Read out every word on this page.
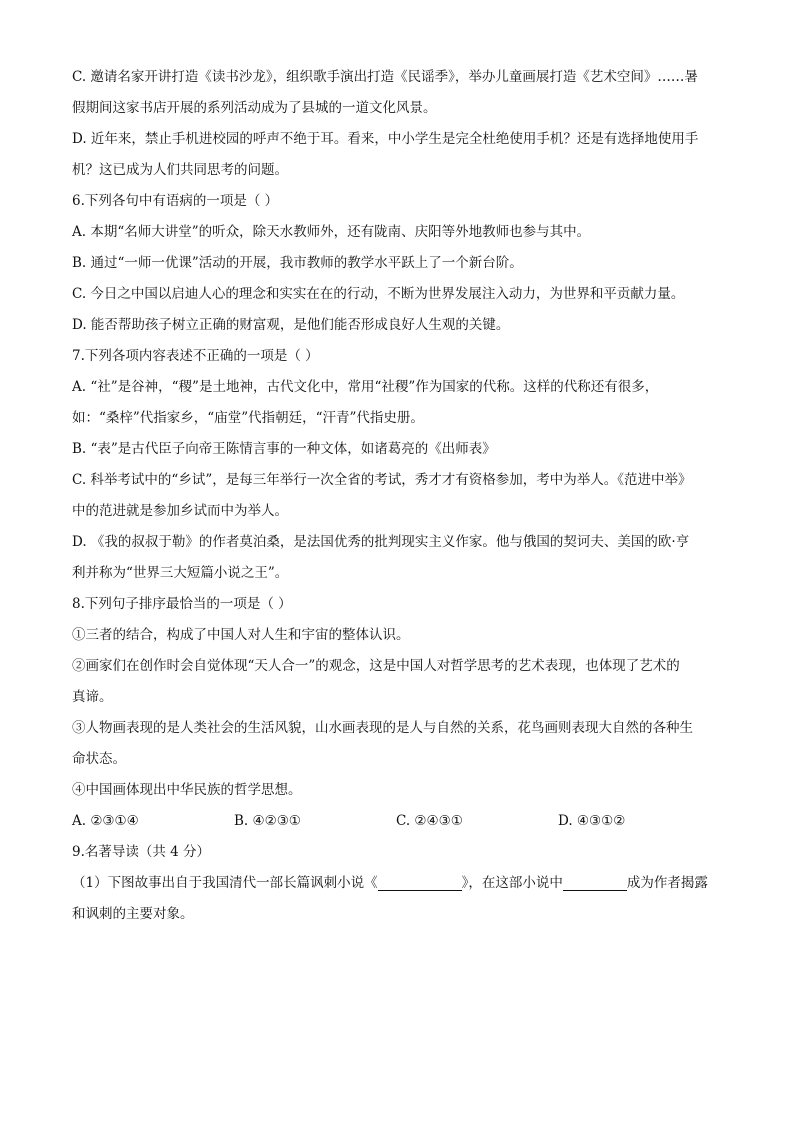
C. 邀请名家开讲打造《读书沙龙》，组织歌手演出打造《民谣季》，举办儿童画展打造《艺术空间》……暑
假期间这家书店开展的系列活动成为了县城的一道文化风景。
D. 近年来，禁止手机进校园的呼声不绝于耳。看来，中小学生是完全杜绝使用手机？还是有选择地使用手
机？这已成为人们共同思考的问题。
6.下列各句中有语病的一项是（ ）
A. 本期“名师大讲堂”的听众，除天水教师外，还有陇南、庆阳等外地教师也参与其中。
B. 通过“一师一优课”活动的开展，我市教师的教学水平跃上了一个新台阶。
C. 今日之中国以启迪人心的理念和实实在在的行动，不断为世界发展注入动力，为世界和平贡献力量。
D. 能否帮助孩子树立正确的财富观，是他们能否形成良好人生观的关键。
7.下列各项内容表述不正确的一项是（ ）
A. “社”是谷神，“稷”是土地神，古代文化中，常用“社稷”作为国家的代称。这样的代称还有很多，
如：“桑梓”代指家乡，“庙堂”代指朝廷，“汗青”代指史册。
B. “表”是古代臣子向帝王陈情言事的一种文体，如诸葛亮的《出师表》
C. 科举考试中的“乡试”，是每三年举行一次全省的考试，秀才才有资格参加，考中为举人。《范进中举》
中的范进就是参加乡试而中为举人。
D. 《我的叔叔于勒》的作者莫泊桑，是法国优秀的批判现实主义作家。他与俄国的契诃夫、美国的欧·亨
利并称为“世界三大短篇小说之王”。
8.下列句子排序最恰当的一项是（ ）
①三者的结合，构成了中国人对人生和宇宙的整体认识。
②画家们在创作时会自觉体现“天人合一”的观念，这是中国人对哲学思考的艺术表现，也体现了艺术的
真谛。
③人物画表现的是人类社会的生活风貌，山水画表现的是人与自然的关系，花鸟画则表现大自然的各种生
命状态。
④中国画体现出中华民族的哲学思想。
A. ②③①④	B. ④②③①	C. ②④③①	D. ④③①②
9.名著导读（共 4 分）
（1）下图故事出自于我国清代一部长篇讽刺小说《	》，在这部小说中	成为作者揭露
和讽刺的主要对象。
